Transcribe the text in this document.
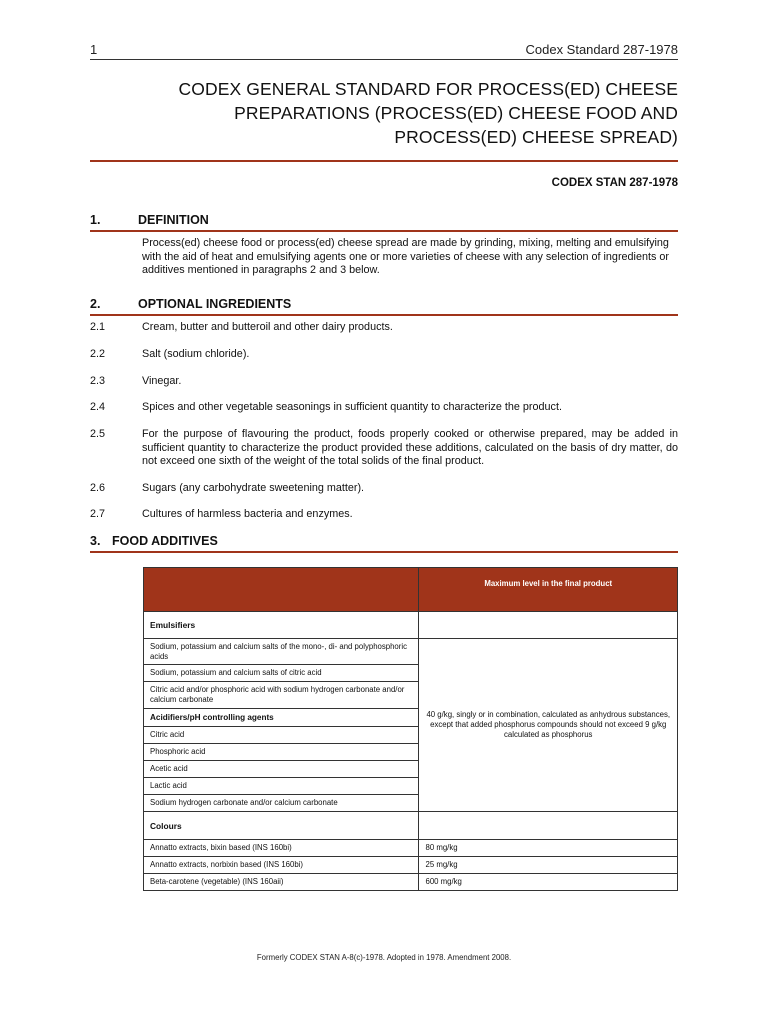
1	Codex Standard 287-1978
CODEX GENERAL STANDARD FOR PROCESS(ED) CHEESE
PREPARATIONS (PROCESS(ED) CHEESE FOOD AND
PROCESS(ED) CHEESE SPREAD)
CODEX STAN 287-1978
1.	DEFINITION
Process(ed) cheese food or process(ed) cheese spread are made by grinding, mixing, melting and emulsifying with the aid of heat and emulsifying agents one or more varieties of cheese with any selection of ingredients or additives mentioned in paragraphs 2 and 3 below.
2.	OPTIONAL INGREDIENTS
2.1	Cream, butter and butteroil and other dairy products.
2.2	Salt (sodium chloride).
2.3	Vinegar.
2.4	Spices and other vegetable seasonings in sufficient quantity to characterize the product.
2.5	For the purpose of flavouring the product, foods properly cooked or otherwise prepared, may be added in sufficient quantity to characterize the product provided these additions, calculated on the basis of dry matter, do not exceed one sixth of the weight of the total solids of the final product.
2.6	Sugars (any carbohydrate sweetening matter).
2.7	Cultures of harmless bacteria and enzymes.
3. FOOD ADDITIVES
	Maximum level in the final product
Emulsifiers	
Sodium, potassium and calcium salts of the mono-, di- and polyphosphoric acids	40 g/kg, singly or in combination, calculated as anhydrous substances, except that added phosphorus compounds should not exceed 9 g/kg calculated as phosphorus
Sodium, potassium and calcium salts of citric acid	
Citric acid and/or phosphoric acid with sodium hydrogen carbonate and/or calcium carbonate	
Acidifiers/pH controlling agents	
Citric acid	
Phosphoric acid	
Acetic acid	
Lactic acid	
Sodium hydrogen carbonate and/or calcium carbonate	
Colours	
Annatto extracts, bixin based (INS 160bi)	80 mg/kg
Annatto extracts, norbixin based (INS 160bi)	25 mg/kg
Beta-carotene (vegetable) (INS 160aii)	600 mg/kg
Formerly CODEX STAN A-8(c)-1978. Adopted in 1978. Amendment 2008.
